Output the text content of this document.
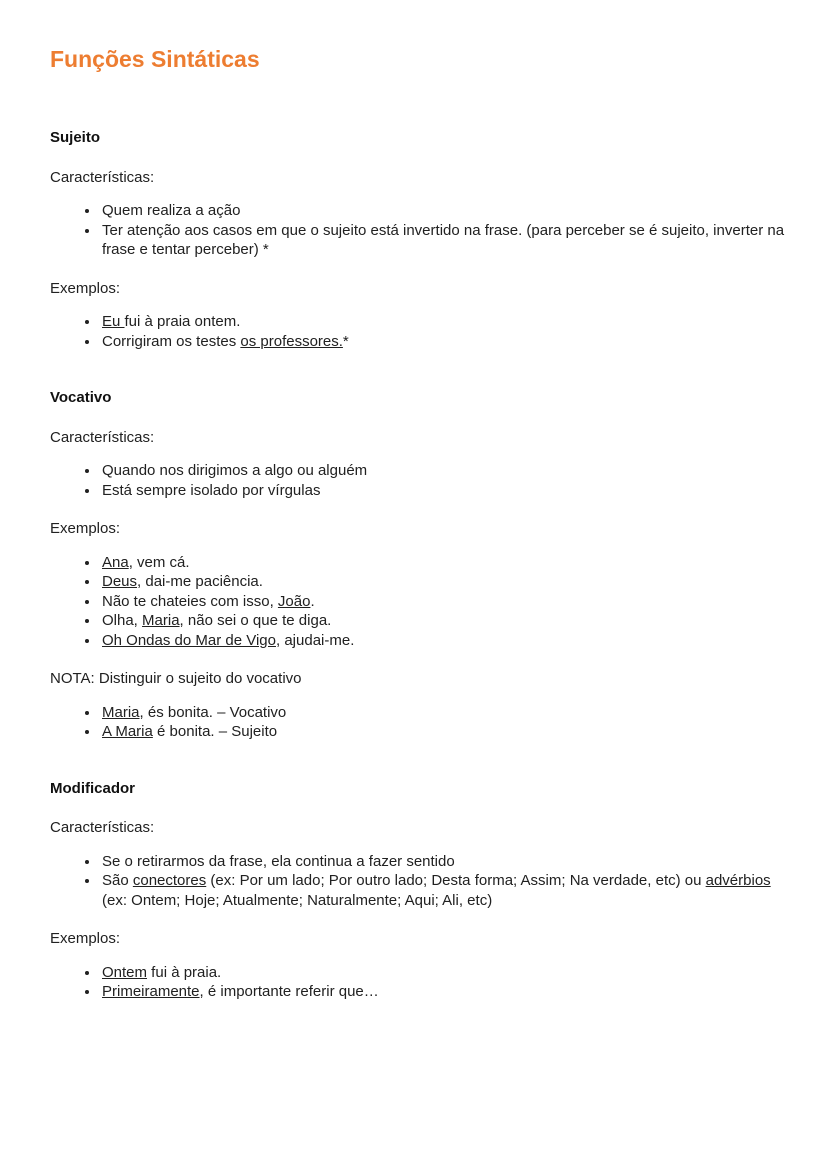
Funções Sintáticas
Sujeito

Características:

• Quem realiza a ação
• Ter atenção aos casos em que o sujeito está invertido na frase. (para perceber se é sujeito, inverter na frase e tentar perceber) *

Exemplos:

• Eu fui à praia ontem.
• Corrigiram os testes os professores.*
Vocativo

Características:

• Quando nos dirigimos a algo ou alguém
• Está sempre isolado por vírgulas

Exemplos:

• Ana, vem cá.
• Deus, dai-me paciência.
• Não te chateies com isso, João.
• Olha, Maria, não sei o que te diga.
• Oh Ondas do Mar de Vigo, ajudai-me.

NOTA: Distinguir o sujeito do vocativo

• Maria, és bonita. – Vocativo
• A Maria é bonita. – Sujeito
Modificador

Características:

• Se o retirarmos da frase, ela continua a fazer sentido
• São conectores (ex: Por um lado; Por outro lado; Desta forma; Assim; Na verdade, etc) ou advérbios (ex: Ontem; Hoje; Atualmente; Naturalmente; Aqui; Ali, etc)

Exemplos:

• Ontem fui à praia.
• Primeiramente, é importante referir que…
